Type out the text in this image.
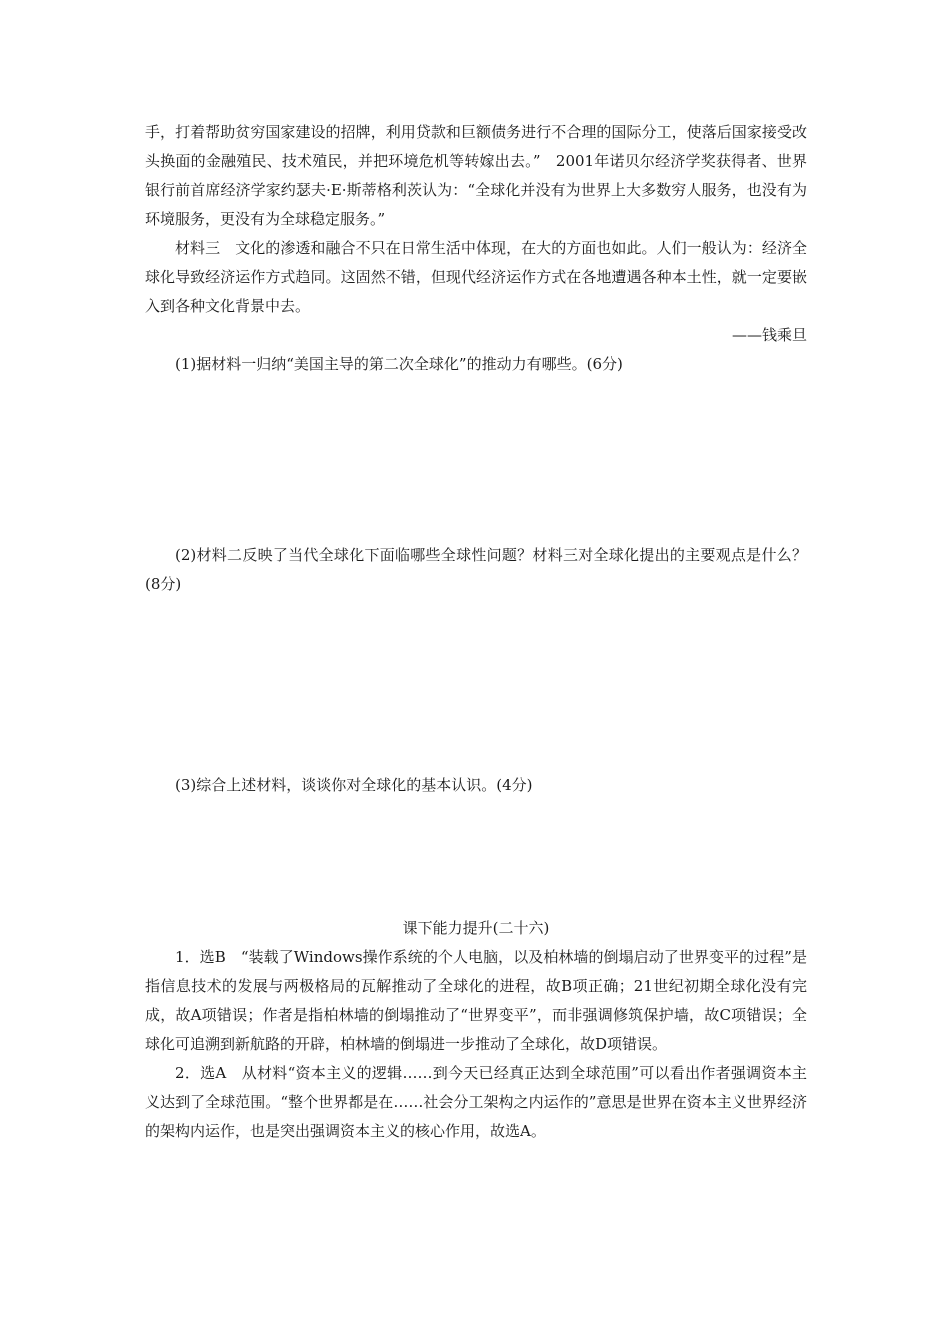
手，打着帮助贫穷国家建设的招牌，利用贷款和巨额债务进行不合理的国际分工，使落后国家接受改头换面的金融殖民、技术殖民，并把环境危机等转嫁出去。”　2001年诺贝尔经济学奖获得者、世界银行前首席经济学家约瑟夫·E·斯蒂格利茨认为：“全球化并没有为世界上大多数穷人服务，也没有为环境服务，更没有为全球稳定服务。”

材料三　文化的渗透和融合不只在日常生活中体现，在大的方面也如此。人们一般认为：经济全球化导致经济运作方式趋同。这固然不错，但现代经济运作方式在各地遭遇各种本土性，就一定要嵌入到各种文化背景中去。

——钱乘旦

(1)据材料一归纳“美国主导的第二次全球化”的推动力有哪些。(6分)

(2)材料二反映了当代全球化下面临哪些全球性问题？材料三对全球化提出的主要观点是什么？(8分)

(3)综合上述材料，谈谈你对全球化的基本认识。(4分)

课下能力提升(二十六)

1．选B　“装载了Windows操作系统的个人电脑，以及柏林墙的倒塌启动了世界变平的过程”是指信息技术的发展与两极格局的瓦解推动了全球化的进程，故B项正确；21世纪初期全球化没有完成，故A项错误；作者是指柏林墙的倒塌推动了“世界变平”，而非强调修筑保护墙，故C项错误；全球化可追溯到新航路的开辟，柏林墙的倒塌进一步推动了全球化，故D项错误。

2．选A　从材料“资本主义的逻辑……到今天已经真正达到全球范围”可以看出作者强调资本主义达到了全球范围。“整个世界都是在……社会分工架构之内运作的”意思是世界在资本主义世界经济的架构内运作，也是突出强调资本主义的核心作用，故选A。
